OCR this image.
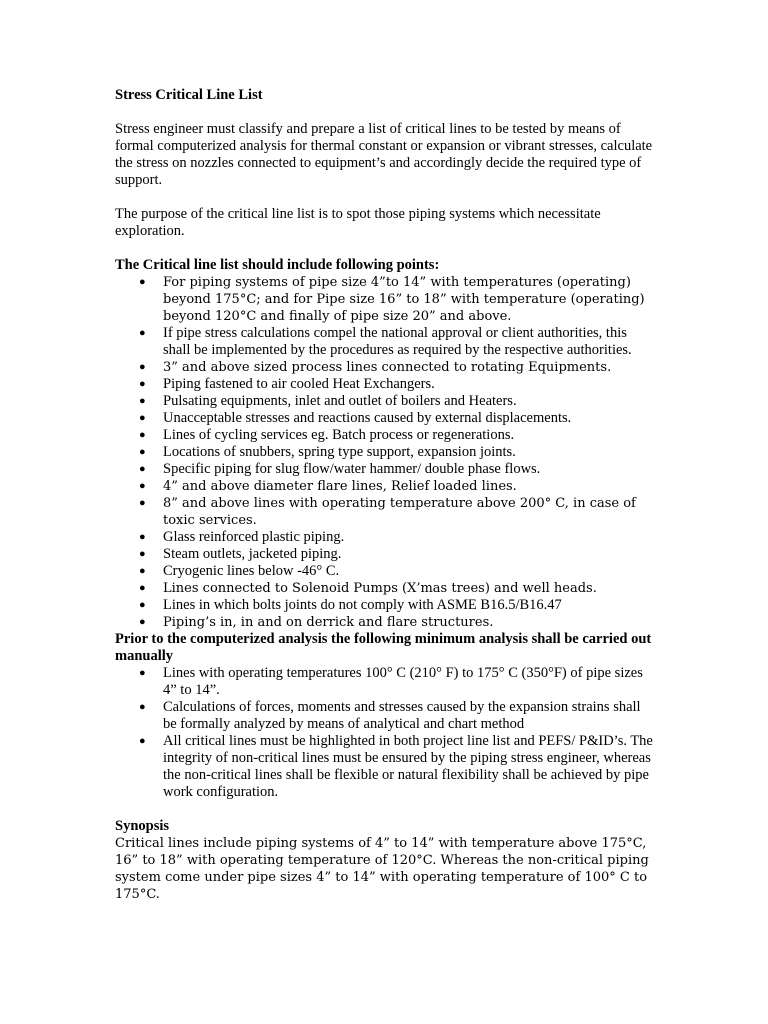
Stress Critical Line List

Stress engineer must classify and prepare a list of critical lines to be tested by means of formal computerized analysis for thermal constant or expansion or vibrant stresses, calculate the stress on nozzles connected to equipment’s and accordingly decide the required type of support.

The purpose of the critical line list is to spot those piping systems which necessitate exploration.

The Critical line list should include following points:
● For piping systems of pipe size 4”to 14” with temperatures (operating) beyond 175°C; and for Pipe size 16” to 18” with temperature (operating) beyond 120°C and finally of pipe size 20” and above.
● If pipe stress calculations compel the national approval or client authorities, this shall be implemented by the procedures as required by the respective authorities.
● 3” and above sized process lines connected to rotating Equipments.
● Piping fastened to air cooled Heat Exchangers.
● Pulsating equipments, inlet and outlet of boilers and Heaters.
● Unacceptable stresses and reactions caused by external displacements.
● Lines of cycling services eg. Batch process or regenerations.
● Locations of snubbers, spring type support, expansion joints.
● Specific piping for slug flow/water hammer/ double phase flows.
● 4” and above diameter flare lines, Relief loaded lines.
● 8” and above lines with operating temperature above 200° C, in case of toxic services.
● Glass reinforced plastic piping.
● Steam outlets, jacketed piping.
● Cryogenic lines below -46° C.
● Lines connected to Solenoid Pumps (X’mas trees) and well heads.
● Lines in which bolts joints do not comply with ASME B16.5/B16.47
● Piping’s in, in and on derrick and flare structures.
Prior to the computerized analysis the following minimum analysis shall be carried out manually
● Lines with operating temperatures 100° C (210° F) to 175° C (350°F) of pipe sizes 4” to 14”.
● Calculations of forces, moments and stresses caused by the expansion strains shall be formally analyzed by means of analytical and chart method
● All critical lines must be highlighted in both project line list and PEFS/ P&ID’s. The integrity of non-critical lines must be ensured by the piping stress engineer, whereas the non-critical lines shall be flexible or natural flexibility shall be achieved by pipe work configuration.
Synopsis
Critical lines include piping systems of 4” to 14” with temperature above 175°C, 16” to 18” with operating temperature of 120°C. Whereas the non-critical piping system come under pipe sizes 4” to 14” with operating temperature of 100° C to 175°C.
